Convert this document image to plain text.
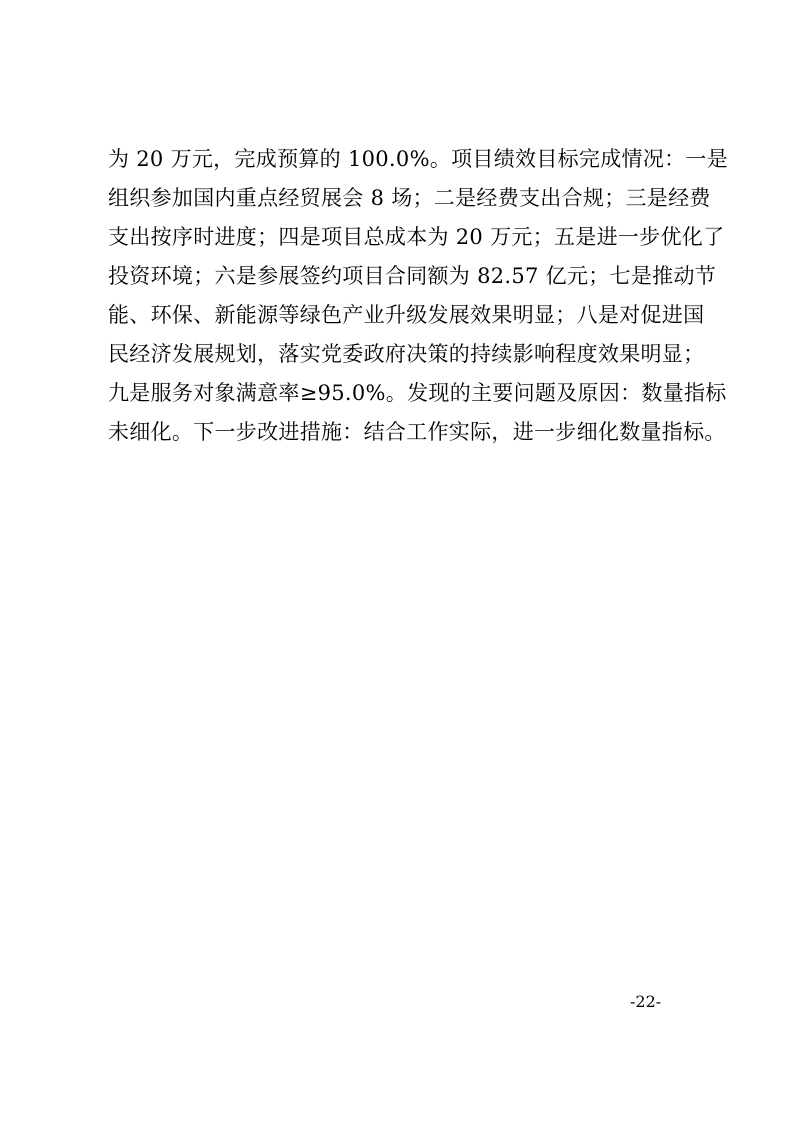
为 20 万元，完成预算的 100.0%。项目绩效目标完成情况：一是
组织参加国内重点经贸展会 8 场；二是经费支出合规；三是经费
支出按序时进度；四是项目总成本为 20 万元；五是进一步优化了
投资环境；六是参展签约项目合同额为 82.57 亿元；七是推动节
能、环保、新能源等绿色产业升级发展效果明显；八是对促进国
民经济发展规划，落实党委政府决策的持续影响程度效果明显；
九是服务对象满意率≥95.0%。发现的主要问题及原因：数量指标
未细化。下一步改进措施：结合工作实际，进一步细化数量指标。
-22-
